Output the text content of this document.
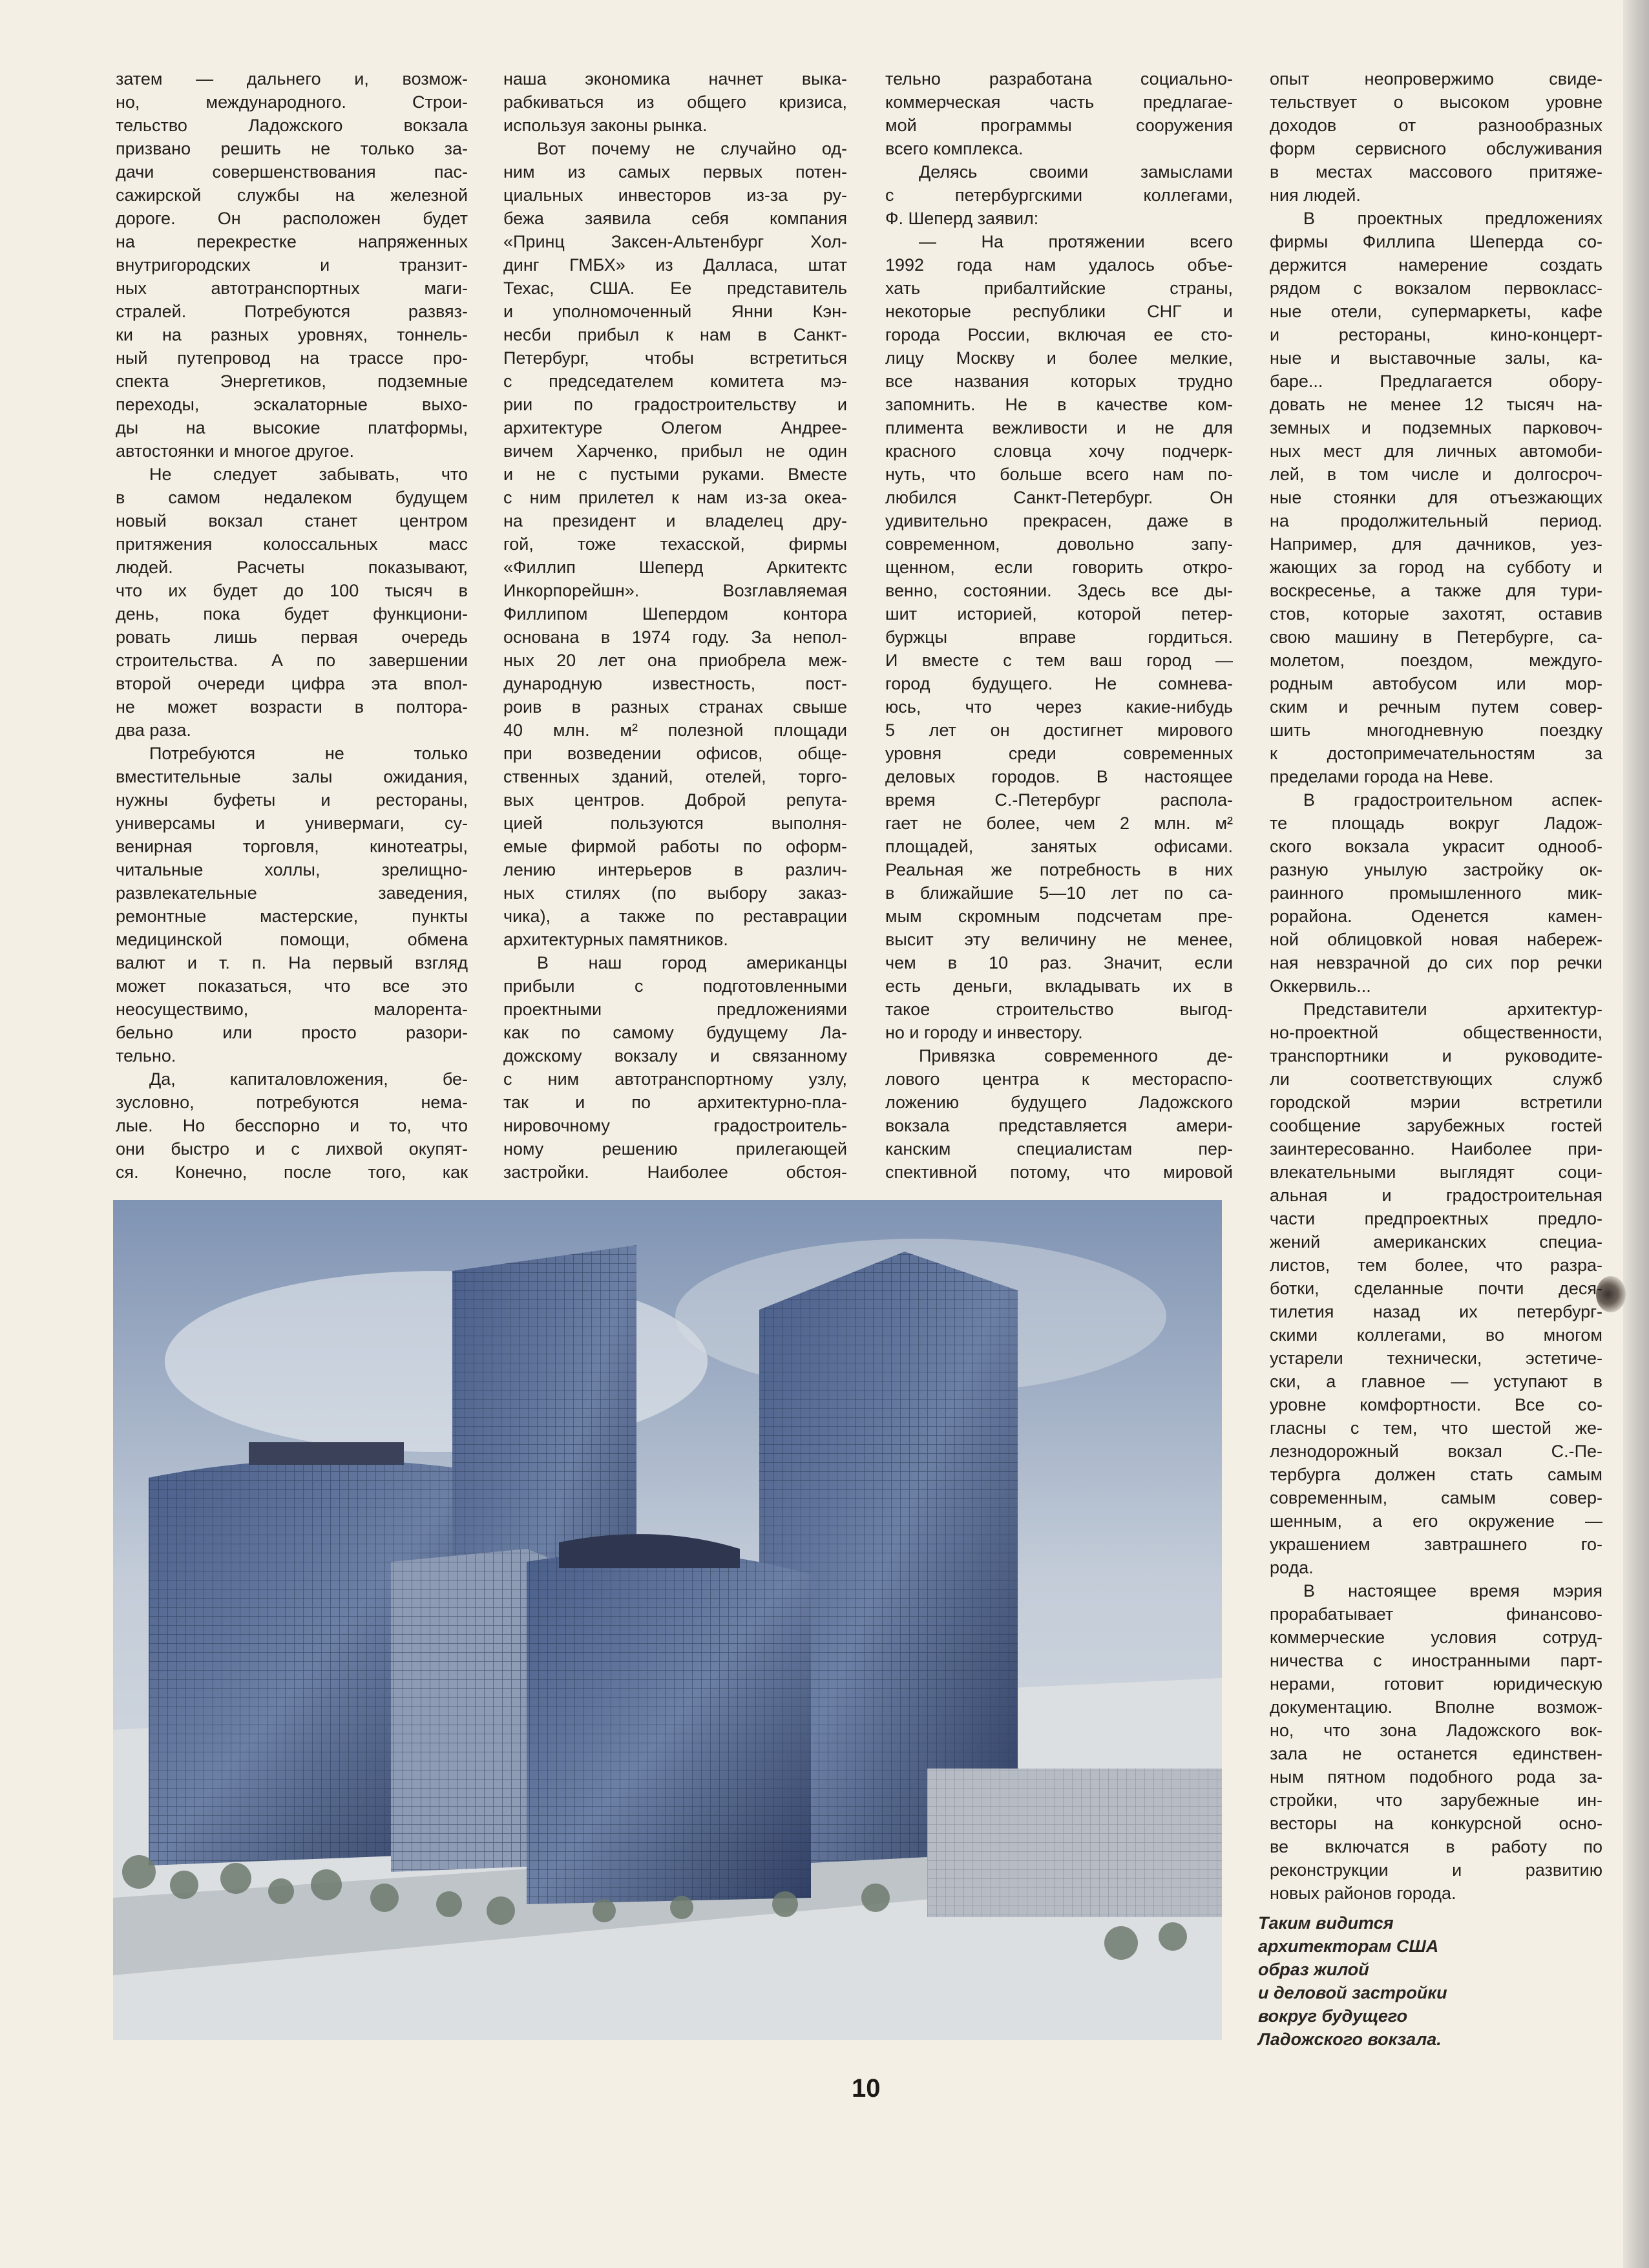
затем — дальнего и, возмож-
но, международного. Строи-
тельство Ладожского вокзала
призвано решить не только за-
дачи совершенствования пас-
сажирской службы на железной
дороге. Он расположен будет
на перекрестке напряженных
внутригородских и транзит-
ных автотранспортных маги-
стралей. Потребуются развяз-
ки на разных уровнях, тоннель-
ный путепровод на трассе про-
спекта Энергетиков, подземные
переходы, эскалаторные выхо-
ды на высокие платформы,
автостоянки и многое другое.
Не следует забывать, что
в самом недалеком будущем
новый вокзал станет центром
притяжения колоссальных масс
людей. Расчеты показывают,
что их будет до 100 тысяч в
день, пока будет функциони-
ровать лишь первая очередь
строительства. А по завершении
второй очереди цифра эта впол-
не может возрасти в полтора-
два раза.
Потребуются не только
вместительные залы ожидания,
нужны буфеты и рестораны,
универсамы и универмаги, су-
венирная торговля, кинотеатры,
читальные холлы, зрелищно-
развлекательные заведения,
ремонтные мастерские, пункты
медицинской помощи, обмена
валют и т. п. На первый взгляд
может показаться, что все это
неосуществимо, малорента-
бельно или просто разори-
тельно.
Да, капиталовложения, бе-
зусловно, потребуются нема-
лые. Но бесспорно и то, что
они быстро и с лихвой окупят-
ся. Конечно, после того, как
наша экономика начнет выка-
рабкиваться из общего кризиса,
используя законы рынка.
Вот почему не случайно од-
ним из самых первых потен-
циальных инвесторов из-за ру-
бежа заявила себя компания
«Принц Заксен-Альтенбург Хол-
динг ГМБХ» из Далласа, штат
Техас, США. Ее представитель
и уполномоченный Янни Кэн-
несби прибыл к нам в Санкт-
Петербург, чтобы встретиться
с председателем комитета мэ-
рии по градостроительству и
архитектуре Олегом Андрее-
вичем Харченко, прибыл не один
и не с пустыми руками. Вместе
с ним прилетел к нам из-за океа-
на президент и владелец дру-
гой, тоже техасской, фирмы
«Филлип Шеперд Аркитектс
Инкорпорейшн». Возглавляемая
Филлипом Шепердом контора
основана в 1974 году. За непол-
ных 20 лет она приобрела меж-
дународную известность, пост-
роив в разных странах свыше
40 млн. м² полезной площади
при возведении офисов, обще-
ственных зданий, отелей, торго-
вых центров. Доброй репута-
цией пользуются выполня-
емые фирмой работы по оформ-
лению интерьеров в различ-
ных стилях (по выбору заказ-
чика), а также по реставрации
архитектурных памятников.
В наш город американцы
прибыли с подготовленными
проектными предложениями
как по самому будущему Ла-
дожскому вокзалу и связанному
с ним автотранспортному узлу,
так и по архитектурно-пла-
нировочному градостроитель-
ному решению прилегающей
застройки. Наиболее обстоя-
тельно разработана социально-
коммерческая часть предлагае-
мой программы сооружения
всего комплекса.
Делясь своими замыслами
с петербургскими коллегами,
Ф. Шеперд заявил:
— На протяжении всего
1992 года нам удалось объе-
хать прибалтийские страны,
некоторые республики СНГ и
города России, включая ее сто-
лицу Москву и более мелкие,
все названия которых трудно
запомнить. Не в качестве ком-
плимента вежливости и не для
красного словца хочу подчерк-
нуть, что больше всего нам по-
любился Санкт-Петербург. Он
удивительно прекрасен, даже в
современном, довольно запу-
щенном, если говорить откро-
венно, состоянии. Здесь все ды-
шит историей, которой петер-
буржцы вправе гордиться.
И вместе с тем ваш город —
город будущего. Не сомнева-
юсь, что через какие-нибудь
5 лет он достигнет мирового
уровня среди современных
деловых городов. В настоящее
время С.-Петербург распола-
гает не более, чем 2 млн. м²
площадей, занятых офисами.
Реальная же потребность в них
в ближайшие 5—10 лет по са-
мым скромным подсчетам пре-
высит эту величину не менее,
чем в 10 раз. Значит, если
есть деньги, вкладывать их в
такое строительство выгод-
но и городу и инвестору.
Привязка современного де-
лового центра к месторaспо-
ложению будущего Ладожского
вокзала представляется амери-
канским специалистам пер-
спективной потому, что мировой
опыт неопровержимо свиде-
тельствует о высоком уровне
доходов от разнообразных
форм сервисного обслуживания
в местах массового притяже-
ния людей.
В проектных предложениях
фирмы Филлипа Шеперда со-
держится намерение создать
рядом с вокзалом первокласс-
ные отели, супермаркеты, кафе
и рестораны, кино-концерт-
ные и выставочные залы, ка-
баре... Предлагается обору-
довать не менее 12 тысяч на-
земных и подземных парковоч-
ных мест для личных автомоби-
лей, в том числе и долгосроч-
ные стоянки для отъезжающих
на продолжительный период.
Например, для дачников, уез-
жающих за город на субботу и
воскресенье, а также для тури-
стов, которые захотят, оставив
свою машину в Петербурге, са-
молетом, поездом, междуго-
родным автобусом или мор-
ским и речным путем совер-
шить многодневную поездку
к достопримечательностям за
пределами города на Неве.
В градостроительном аспек-
те площадь вокруг Ладож-
ского вокзала украсит однооб-
разную унылую застройку ок-
раинного промышленного мик-
рорайона. Оденется камен-
ной облицовкой новая набереж-
ная невзрачной до сих пор речки
Оккервиль...
Представители архитектур-
но-проектной общественности,
транспортники и руководите-
ли соответствующих служб
городской мэрии встретили
сообщение зарубежных гостей
заинтересованно. Наиболее при-
влекательными выглядят соци-
альная и градостроительная
части предпроектных предло-
жений американских специа-
листов, тем более, что разра-
ботки, сделанные почти деся-
тилетия назад их петербург-
скими коллегами, во многом
устарели технически, эстетиче-
ски, а главное — уступают в
уровне комфортности. Все со-
гласны с тем, что шестой же-
лезнодорожный вокзал С.-Пе-
тербурга должен стать самым
современным, самым совер-
шенным, а его окружение —
украшением завтрашнего го-
рода.
В настоящее время мэрия
прорабатывает финансово-
коммерческие условия сотруд-
ничества с иностранными парт-
нерами, готовит юридическую
документацию. Вполне возмож-
но, что зона Ладожского вок-
зала не останется единствен-
ным пятном подобного рода за-
стройки, что зарубежные ин-
весторы на конкурсной осно-
ве включатся в работу по
реконструкции и развитию
новых районов города.
Таким видится
архитекторам США
образ жилой
и деловой застройки
вокруг будущего
Ладожского вокзала.
10
